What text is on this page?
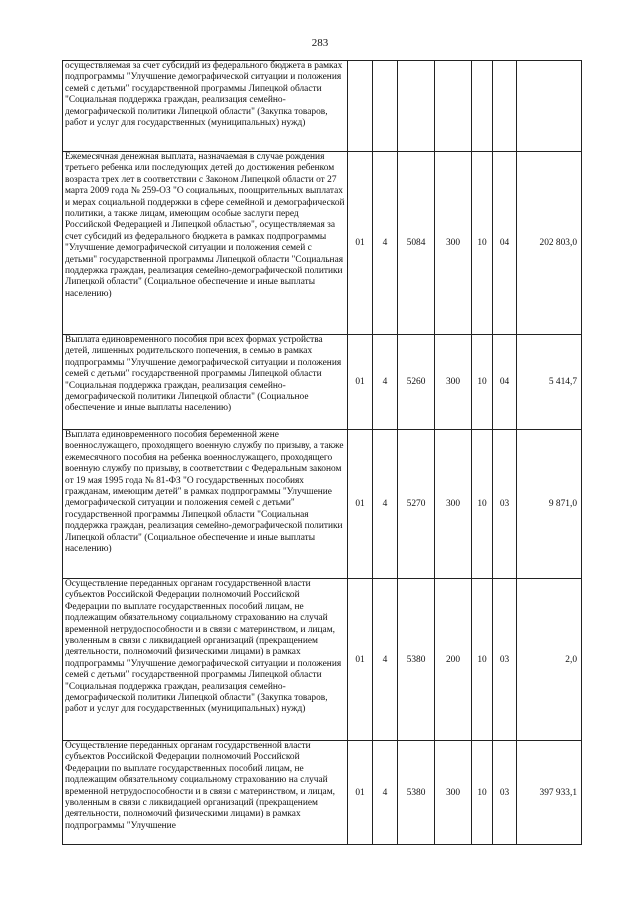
283
осуществляемая за счет субсидий из федерального бюджета в рамках подпрограммы "Улучшение демографической ситуации и положения семей с детьми" государственной программы Липецкой области "Социальная поддержка граждан, реализация семейно-демографической политики Липецкой области" (Закупка товаров, работ и услуг для государственных (муниципальных) нужд)							
Ежемесячная денежная выплата, назначаемая в случае рождения третьего ребенка или последующих детей до достижения ребенком возраста трех лет в соответствии с Законом Липецкой области от 27 марта 2009 года № 259-ОЗ "О социальных, поощрительных выплатах и мерах социальной поддержки в сфере семейной и демографической политики, а также лицам, имеющим особые заслуги перед Российской Федерацией и Липецкой областью", осуществляемая за счет субсидий из федерального бюджета в рамках подпрограммы "Улучшение демографической ситуации и положения семей с детьми" государственной программы Липецкой области "Социальная поддержка граждан, реализация семейно-демографической политики Липецкой области" (Социальное обеспечение и иные выплаты населению)	01	4	5084	300	10	04	202 803,0
Выплата единовременного пособия при всех формах устройства детей, лишенных родительского попечения, в семью в рамках подпрограммы "Улучшение демографической ситуации и положения семей с детьми" государственной программы Липецкой области "Социальная поддержка граждан, реализация семейно-демографической политики Липецкой области" (Социальное обеспечение и иные выплаты населению)	01	4	5260	300	10	04	5 414,7
Выплата единовременного пособия беременной жене военнослужащего, проходящего военную службу по призыву, а также ежемесячного пособия на ребенка военнослужащего, проходящего военную службу по призыву, в соответствии с Федеральным законом от 19 мая 1995 года № 81-ФЗ "О государственных пособиях гражданам, имеющим детей" в рамках подпрограммы "Улучшение демографической ситуации и положения семей с детьми" государственной программы Липецкой области "Социальная поддержка граждан, реализация семейно-демографической политики Липецкой области" (Социальное обеспечение и иные выплаты населению)	01	4	5270	300	10	03	9 871,0
Осуществление переданных органам государственной власти субъектов Российской Федерации полномочий Российской Федерации по выплате государственных пособий лицам, не подлежащим обязательному социальному страхованию на случай временной нетрудоспособности и в связи с материнством, и лицам, уволенным в связи с ликвидацией организаций (прекращением деятельности, полномочий физическими лицами) в рамках подпрограммы "Улучшение демографической ситуации и положения семей с детьми" государственной программы Липецкой области "Социальная поддержка граждан, реализация семейно-демографической политики Липецкой области" (Закупка товаров, работ и услуг для государственных (муниципальных) нужд)	01	4	5380	200	10	03	2,0
Осуществление переданных органам государственной власти субъектов Российской Федерации полномочий Российской Федерации по выплате государственных пособий лицам, не подлежащим обязательному социальному страхованию на случай временной нетрудоспособности и в связи с материнством, и лицам, уволенным в связи с ликвидацией организаций (прекращением деятельности, полномочий физическими лицами) в рамках подпрограммы "Улучшение	01	4	5380	300	10	03	397 933,1
